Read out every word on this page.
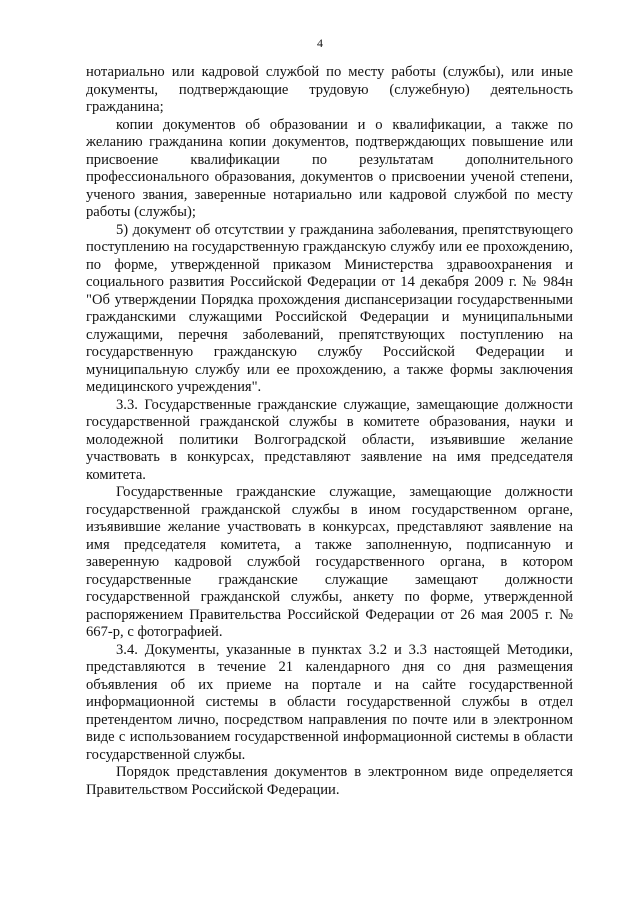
4

нотариально или кадровой службой по месту работы (службы), или иные документы, подтверждающие трудовую (служебную) деятельность гражданина;

копии документов об образовании и о квалификации, а также по желанию гражданина копии документов, подтверждающих повышение или присвоение квалификации по результатам дополнительного профессионального образования, документов о присвоении ученой степени, ученого звания, заверенные нотариально или кадровой службой по месту работы (службы);

5) документ об отсутствии у гражданина заболевания, препятствующего поступлению на государственную гражданскую службу или ее прохождению, по форме, утвержденной приказом Министерства здравоохранения и социального развития Российской Федерации от 14 декабря 2009 г. № 984н "Об утверждении Порядка прохождения диспансеризации государственными гражданскими служащими Российской Федерации и муниципальными служащими, перечня заболеваний, препятствующих поступлению на государственную гражданскую службу Российской Федерации и муниципальную службу или ее прохождению, а также формы заключения медицинского учреждения".

3.3. Государственные гражданские служащие, замещающие должности государственной гражданской службы в комитете образования, науки и молодежной политики Волгоградской области, изъявившие желание участвовать в конкурсах, представляют заявление на имя председателя комитета.

Государственные гражданские служащие, замещающие должности государственной гражданской службы в ином государственном органе, изъявившие желание участвовать в конкурсах, представляют заявление на имя председателя комитета, а также заполненную, подписанную и заверенную кадровой службой государственного органа, в котором государственные гражданские служащие замещают должности государственной гражданской службы, анкету по форме, утвержденной распоряжением Правительства Российской Федерации от 26 мая 2005 г. № 667-р, с фотографией.

3.4. Документы, указанные в пунктах 3.2 и 3.3 настоящей Методики, представляются в течение 21 календарного дня со дня размещения объявления об их приеме на портале и на сайте государственной информационной системы в области государственной службы в отдел претендентом лично, посредством направления по почте или в электронном виде с использованием государственной информационной системы в области государственной службы.

Порядок представления документов в электронном виде определяется Правительством Российской Федерации.
